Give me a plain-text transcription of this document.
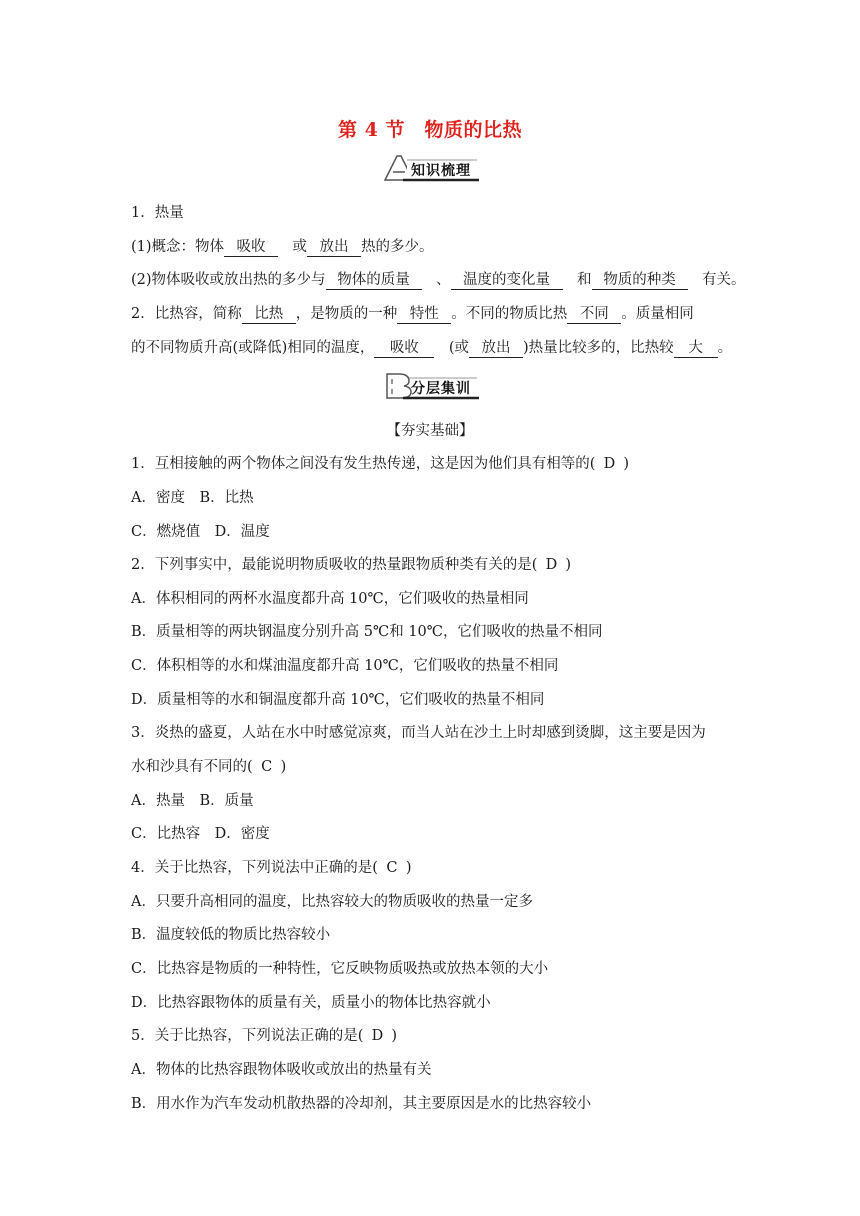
第 4 节　物质的比热
知识梳理
1．热量
(1)概念：物体 吸收　 或 放出 热的多少。
(2)物体吸收或放出热的多少与 物体的质量　 、 温度的变化量　 和 物质的种类　 有关。
2．比热容，简称 比热 ，是物质的一种 特性 。不同的物质比热 不同 。质量相同
的不同物质升高(或降低)相同的温度， 吸收　 (或 放出 )热量比较多的，比热较 大 。
分层集训
【夯实基础】
1．互相接触的两个物体之间没有发生热传递，这是因为他们具有相等的( D )
A．密度　B．比热
C．燃烧值　D．温度
2．下列事实中，最能说明物质吸收的热量跟物质种类有关的是( D )
A．体积相同的两杯水温度都升高 10℃，它们吸收的热量相同
B．质量相等的两块钢温度分别升高 5℃和 10℃，它们吸收的热量不相同
C．体积相等的水和煤油温度都升高 10℃，它们吸收的热量不相同
D．质量相等的水和铜温度都升高 10℃，它们吸收的热量不相同
3．炎热的盛夏，人站在水中时感觉凉爽，而当人站在沙土上时却感到烫脚，这主要是因为
水和沙具有不同的( C )
A．热量　B．质量
C．比热容　D．密度
4．关于比热容，下列说法中正确的是( C )
A．只要升高相同的温度，比热容较大的物质吸收的热量一定多
B．温度较低的物质比热容较小
C．比热容是物质的一种特性，它反映物质吸热或放热本领的大小
D．比热容跟物体的质量有关，质量小的物体比热容就小
5．关于比热容，下列说法正确的是( D )
A．物体的比热容跟物体吸收或放出的热量有关
B．用水作为汽车发动机散热器的冷却剂，其主要原因是水的比热容较小
